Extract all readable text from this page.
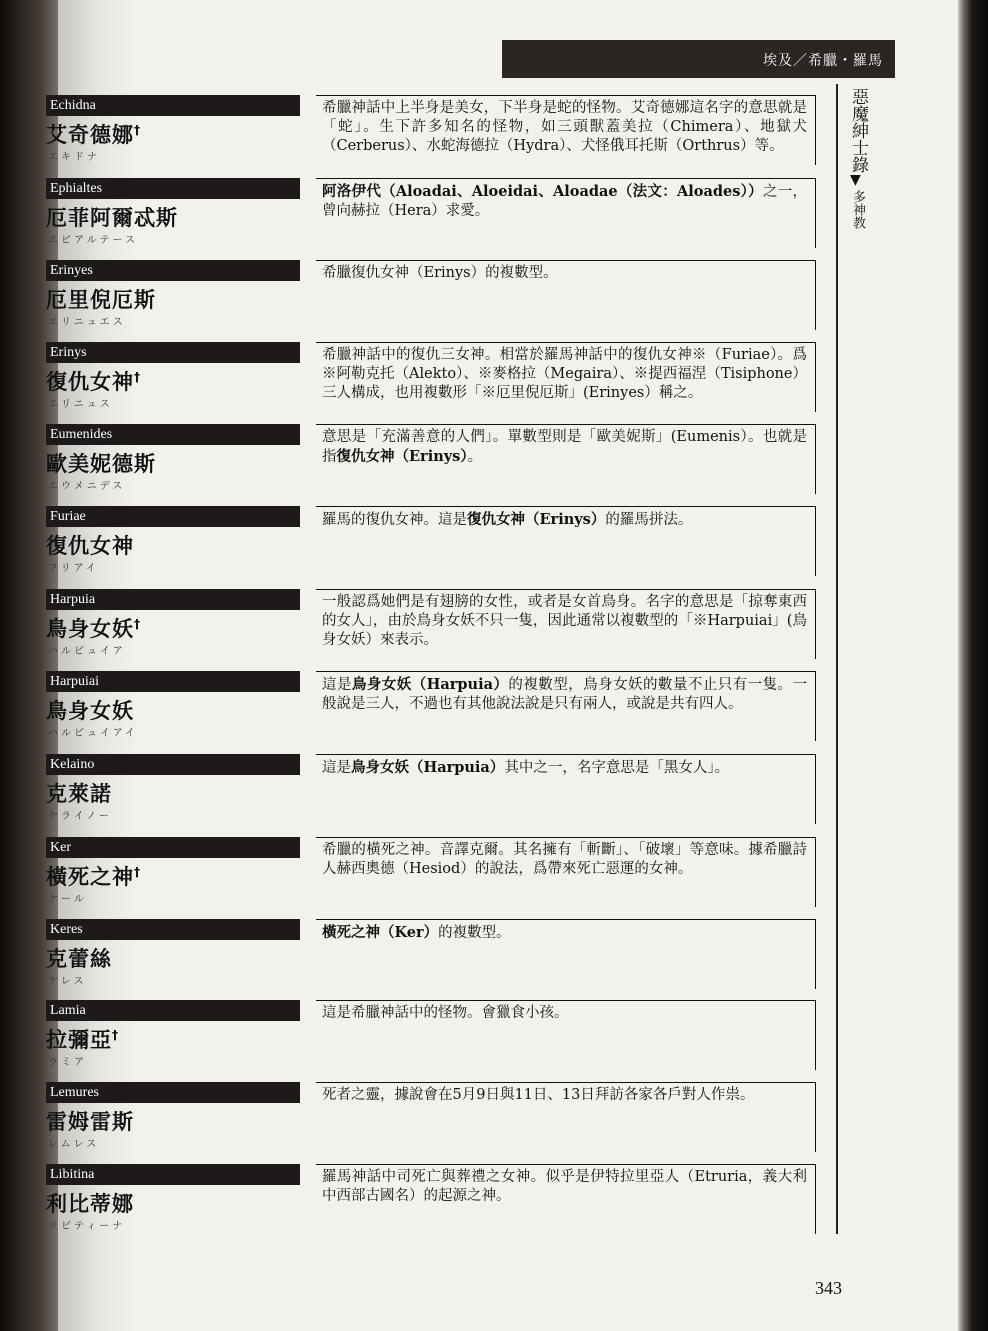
埃及／希臘・羅馬
惡魔紳士錄
▼
多神教
Echidna
艾奇德娜†
エキドナ
希臘神話中上半身是美女，下半身是蛇的怪物。艾奇德娜這名字的意思就是「蛇」。生下許多知名的怪物，如三頭獸蓋美拉（Chimera）、地獄犬（Cerberus）、水蛇海德拉（Hydra）、犬怪俄耳托斯（Orthrus）等。
Ephialtes
厄菲阿爾忒斯
エピアルテース
阿洛伊代（Aloadai、Aloeidai、Aloadae（法文：Aloades））之一，曾向赫拉（Hera）求愛。
Erinyes
厄里倪厄斯
エリニュエス
希臘復仇女神（Erinys）的複數型。
Erinys
復仇女神†
エリニュス
希臘神話中的復仇三女神。相當於羅馬神話中的復仇女神※（Furiae）。爲※阿勒克托（Alekto）、※麥格拉（Megaira）、※提西福涅（Tisiphone）三人構成，也用複數形「※厄里倪厄斯」(Erinyes）稱之。
Eumenides
歐美妮德斯
エウメニデス
意思是「充滿善意的人們」。單數型則是「歐美妮斯」(Eumenis）。也就是指復仇女神（Erinys）。
Furiae
復仇女神
フリアイ
羅馬的復仇女神。這是復仇女神（Erinys）的羅馬拼法。
Harpuia
鳥身女妖†
ハルピュイア
一般認爲她們是有翅膀的女性，或者是女首鳥身。名字的意思是「掠奪東西的女人」，由於鳥身女妖不只一隻，因此通常以複數型的「※Harpuiai」(鳥身女妖）來表示。
Harpuiai
鳥身女妖
ハルピュイアイ
這是鳥身女妖（Harpuia）的複數型，鳥身女妖的數量不止只有一隻。一般說是三人，不過也有其他說法說是只有兩人，或說是共有四人。
Kelaino
克萊諾
ケライノー
這是鳥身女妖（Harpuia）其中之一，名字意思是「黑女人」。
Ker
橫死之神†
ケール
希臘的橫死之神。音譯克爾。其名擁有「斬斷」、「破壞」等意味。據希臘詩人赫西奧德（Hesiod）的說法，爲帶來死亡惡運的女神。
Keres
克蕾絲
ケレス
橫死之神（Ker）的複數型。
Lamia
拉彌亞†
ラミア
這是希臘神話中的怪物。會獵食小孩。
Lemures
雷姆雷斯
レムレス
死者之靈，據說會在5月9日與11日、13日拜訪各家各戶對人作祟。
Libitina
利比蒂娜
リビティーナ
羅馬神話中司死亡與葬禮之女神。似乎是伊特拉里亞人（Etruria，義大利中西部古國名）的起源之神。
343
